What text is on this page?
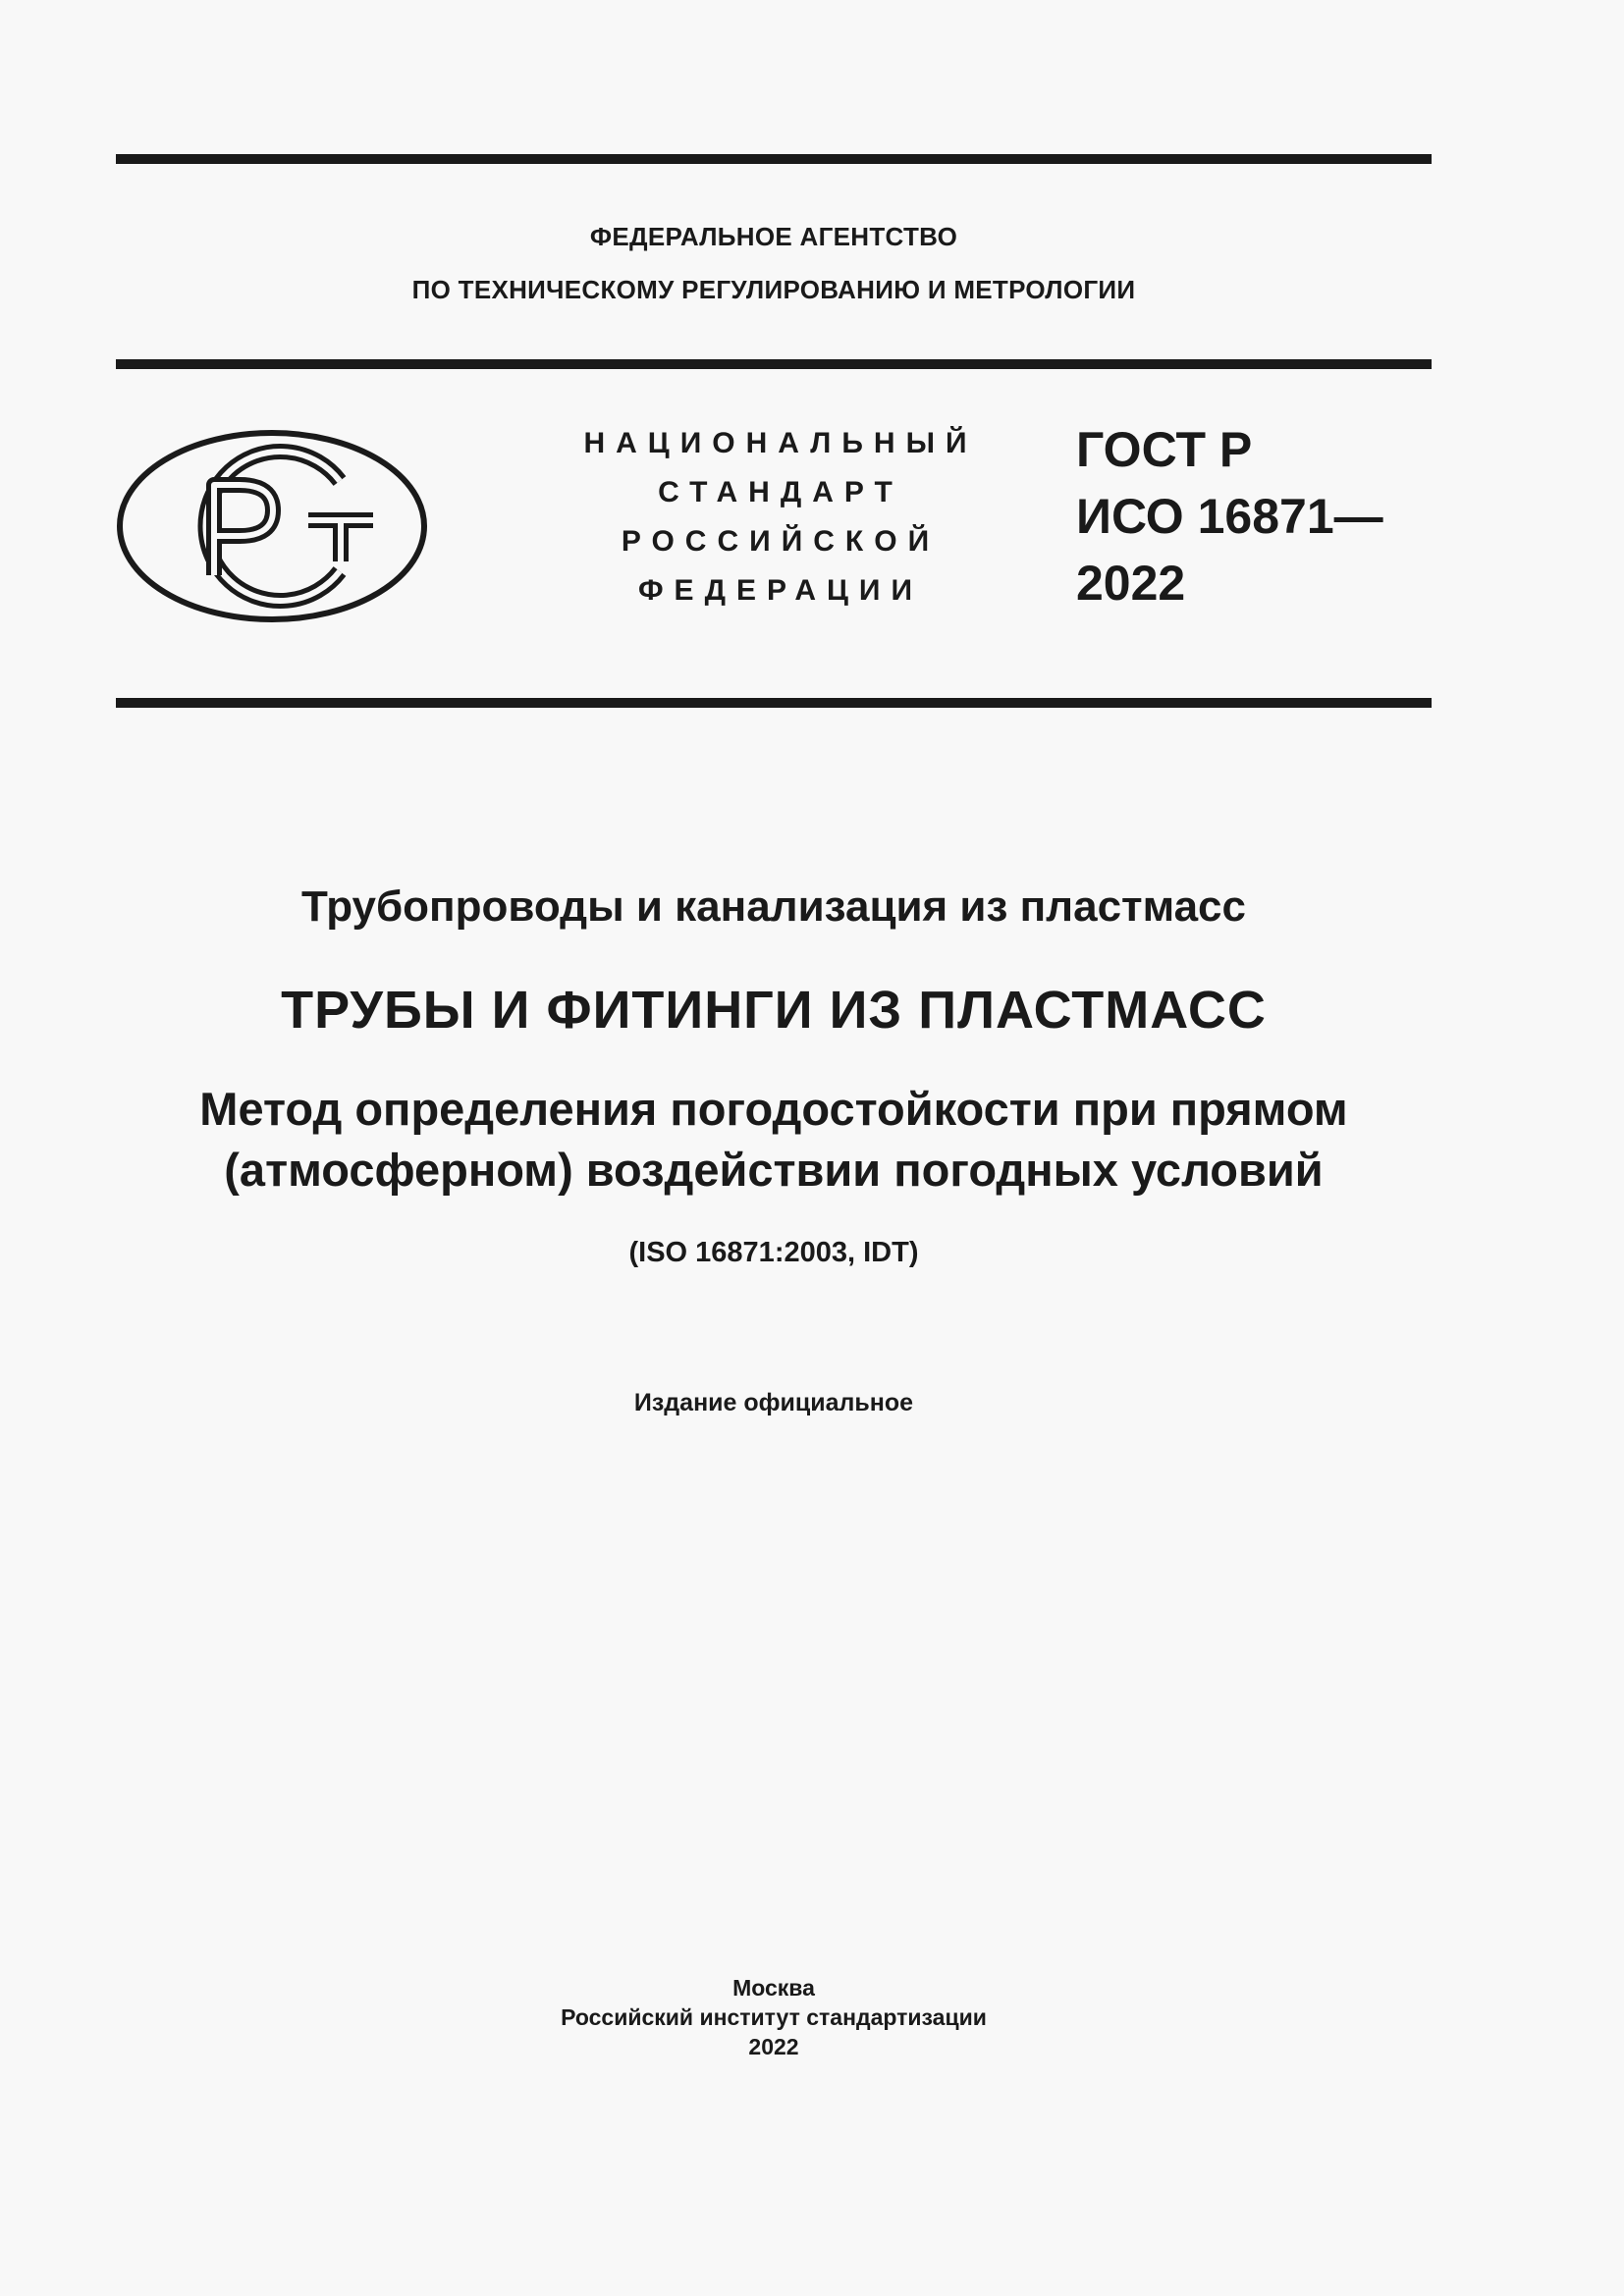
ФЕДЕРАЛЬНОЕ АГЕНТСТВО
ПО ТЕХНИЧЕСКОМУ РЕГУЛИРОВАНИЮ И МЕТРОЛОГИИ
НАЦИОНАЛЬНЫЙ
СТАНДАРТ
РОССИЙСКОЙ
ФЕДЕРАЦИИ
ГОСТ Р
ИСО 16871—
2022
Трубопроводы и канализация из пластмасс
ТРУБЫ И ФИТИНГИ ИЗ ПЛАСТМАСС
Метод определения погодостойкости при прямом
(атмосферном) воздействии погодных условий
(ISO 16871:2003, IDT)
Издание официальное
Москва
Российский институт стандартизации
2022
